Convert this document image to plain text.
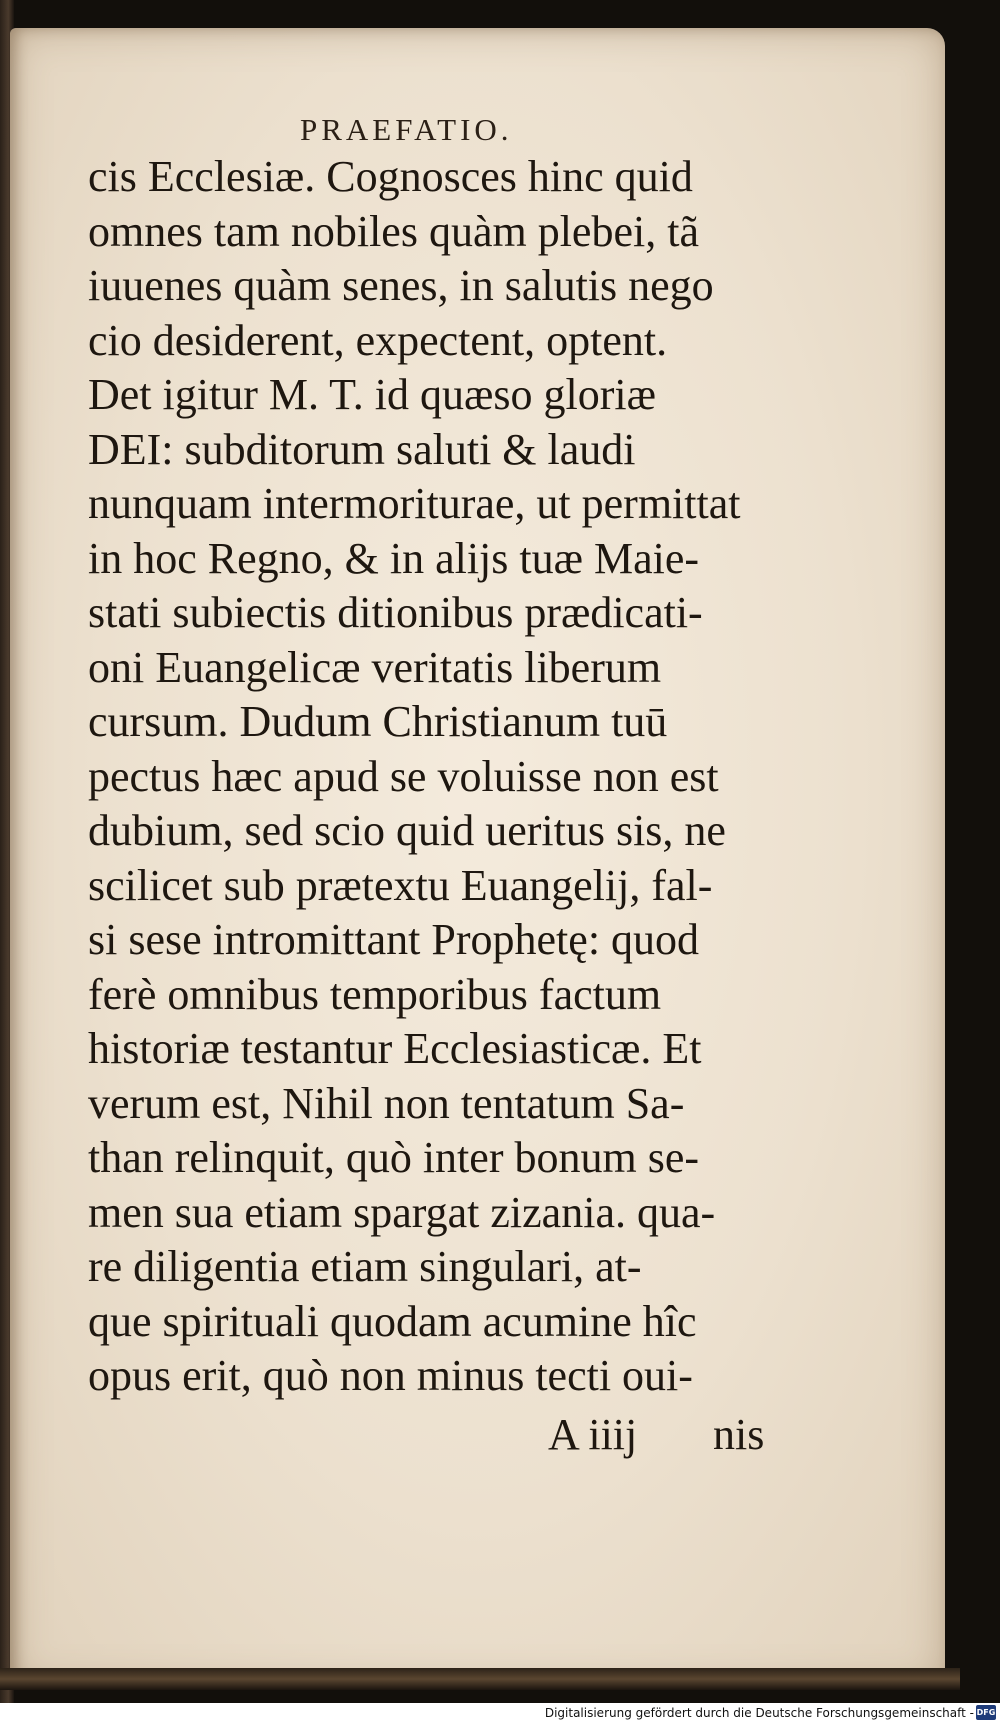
PRAEFATIO.
cis Ecclesiæ. Cognosces hinc quid
omnes tam nobiles quàm plebei, tã
iuuenes quàm senes, in salutis nego
cio desiderent, expectent, optent.
Det igitur M. T. id quæso gloriæ
DEI: subditorum saluti & laudi
nunquam intermoriturae, ut permittat
in hoc Regno, & in alijs tuæ Maie-
stati subiectis ditionibus prædicati-
oni Euangelicæ veritatis liberum
cursum. Dudum Christianum tuū
pectus hæc apud se voluisse non est
dubium, sed scio quid ueritus sis, ne
scilicet sub prætextu Euangelij, fal-
si sese intromittant Prophetę: quod
ferè omnibus temporibus factum
historiæ testantur Ecclesiasticæ. Et
verum est, Nihil non tentatum Sa-
than relinquit, quò inter bonum se-
men sua etiam spargat zizania. qua-
re diligentia etiam singulari, at-
que spirituali quodam acumine hîc
opus erit, quò non minus tecti oui-
A iiij nis
Digitalisierung gefördert durch die Deutsche Forschungsgemeinschaft - DFG
